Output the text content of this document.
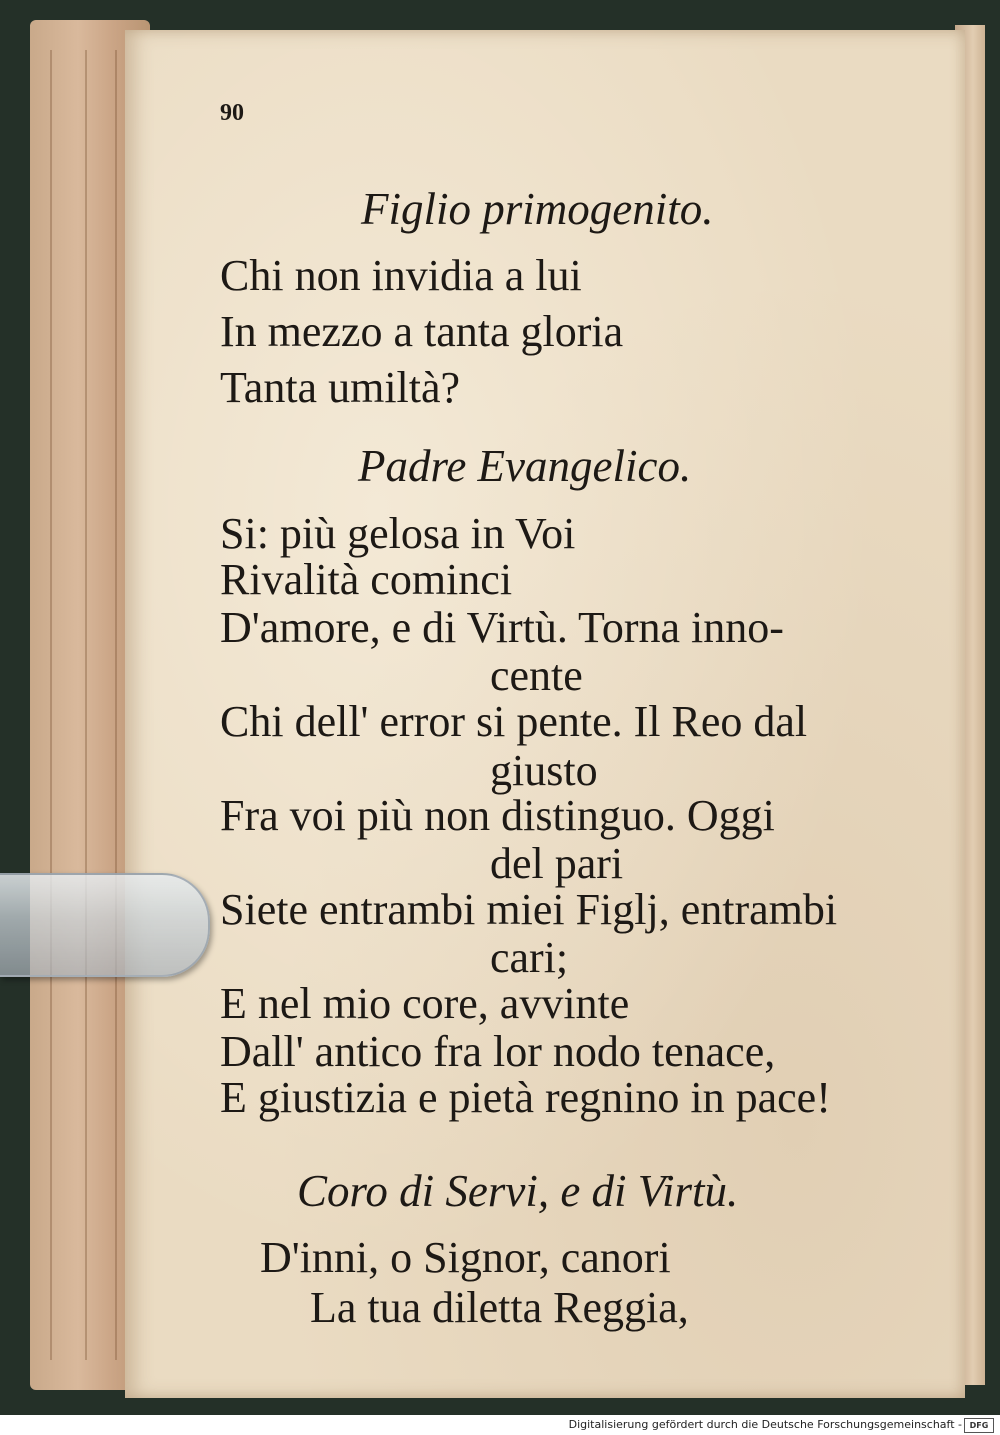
90
Figlio primogenito.
Chi non invidia a lui
In mezzo a tanta gloria
Tanta umiltà?
Padre Evangelico.
Si: più gelosa in Voi
Rivalità cominci
D'amore, e di Virtù. Torna inno-
cente
Chi dell' error si pente. Il Reo dal
giusto
Fra voi più non distinguo. Oggi
del pari
Siete entrambi miei Figlj, entrambi
cari;
E nel mio core, avvinte
Dall' antico fra lor nodo tenace,
E giustizia e pietà regnino in pace!
Coro di Servi, e di Virtù.
D'inni, o Signor, canori
La tua diletta Reggia,
Digitalisierung gefördert durch die Deutsche Forschungsgemeinschaft - DFG
